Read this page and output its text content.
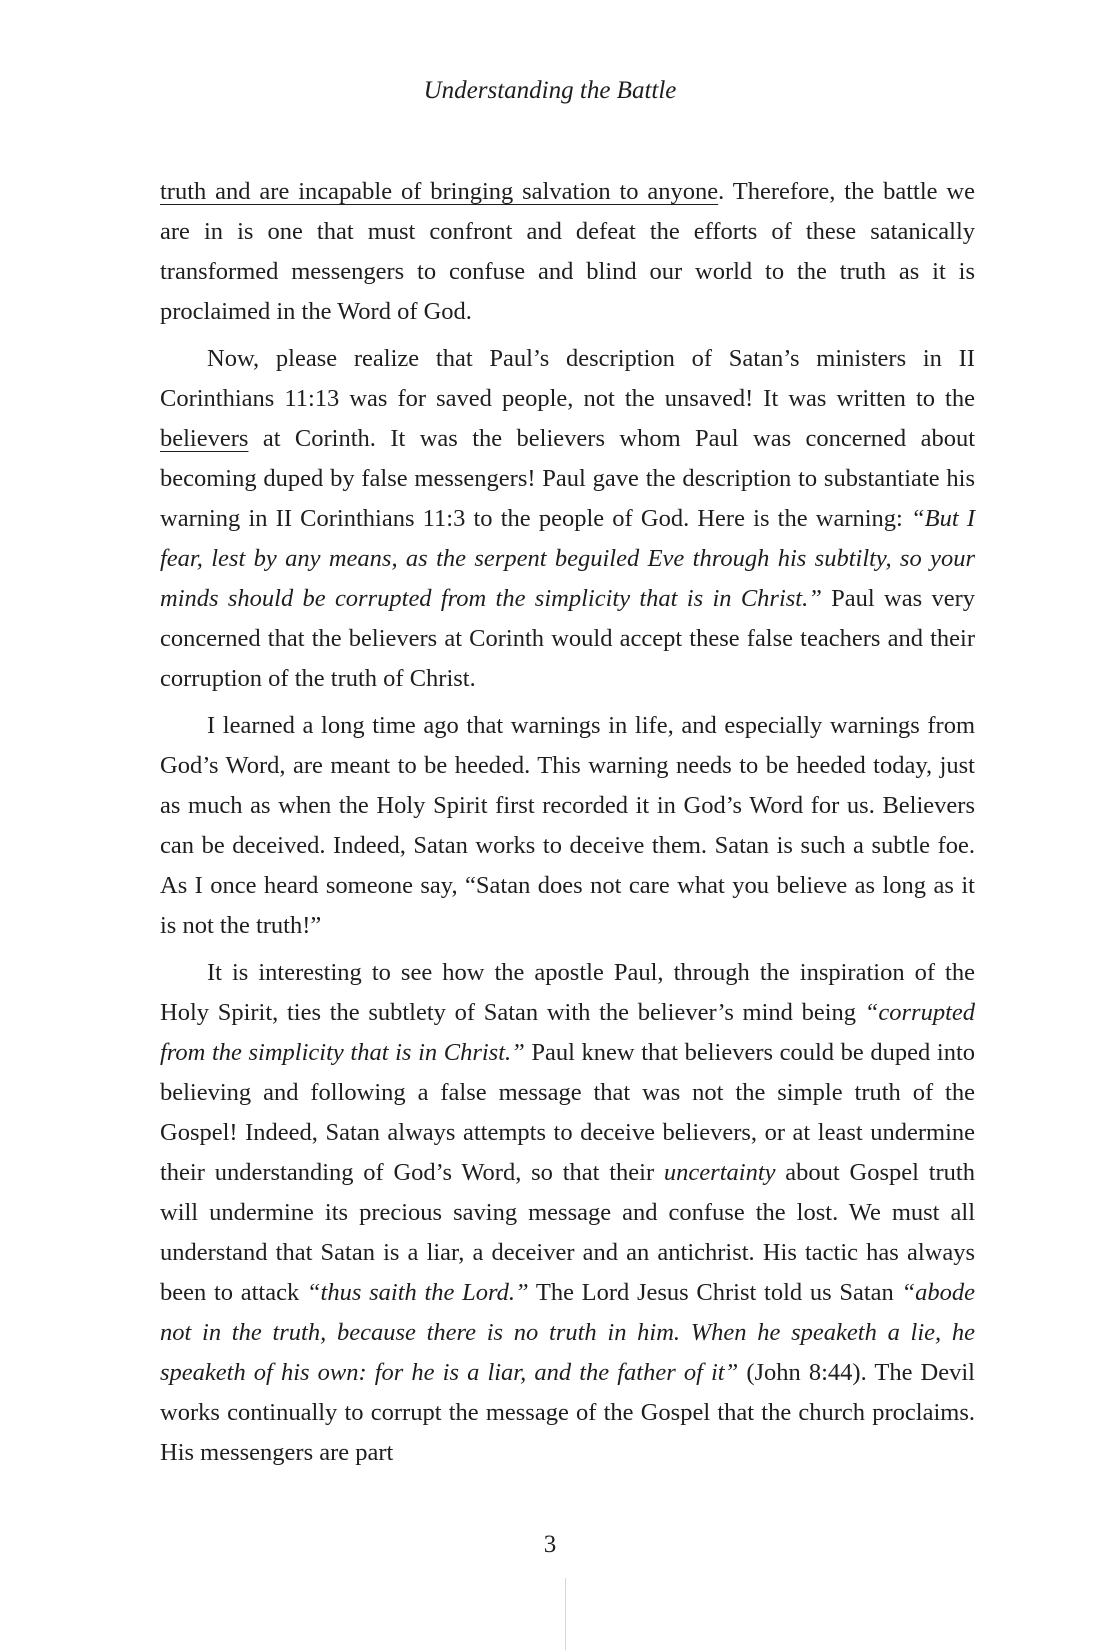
Understanding the Battle

truth and are incapable of bringing salvation to anyone. Therefore, the battle we are in is one that must confront and defeat the efforts of these satanically transformed messengers to confuse and blind our world to the truth as it is proclaimed in the Word of God.

Now, please realize that Paul’s description of Satan’s ministers in II Corinthians 11:13 was for saved people, not the unsaved! It was written to the believers at Corinth. It was the believers whom Paul was concerned about becoming duped by false messengers! Paul gave the description to substantiate his warning in II Corinthians 11:3 to the people of God. Here is the warning: “But I fear, lest by any means, as the serpent beguiled Eve through his subtilty, so your minds should be corrupted from the simplicity that is in Christ.” Paul was very concerned that the believers at Corinth would accept these false teachers and their corruption of the truth of Christ.

I learned a long time ago that warnings in life, and especially warnings from God’s Word, are meant to be heeded. This warning needs to be heeded today, just as much as when the Holy Spirit first recorded it in God’s Word for us. Believers can be deceived. Indeed, Satan works to deceive them. Satan is such a subtle foe. As I once heard someone say, “Satan does not care what you believe as long as it is not the truth!”

It is interesting to see how the apostle Paul, through the inspiration of the Holy Spirit, ties the subtlety of Satan with the believer’s mind being “corrupted from the simplicity that is in Christ.” Paul knew that believers could be duped into believing and following a false message that was not the simple truth of the Gospel! Indeed, Satan always attempts to deceive believers, or at least undermine their understanding of God’s Word, so that their uncertainty about Gospel truth will undermine its precious saving message and confuse the lost. We must all understand that Satan is a liar, a deceiver and an antichrist. His tactic has always been to attack “thus saith the Lord.” The Lord Jesus Christ told us Satan “abode not in the truth, because there is no truth in him. When he speaketh a lie, he speaketh of his own: for he is a liar, and the father of it” (John 8:44). The Devil works continually to corrupt the message of the Gospel that the church proclaims. His messengers are part

3
